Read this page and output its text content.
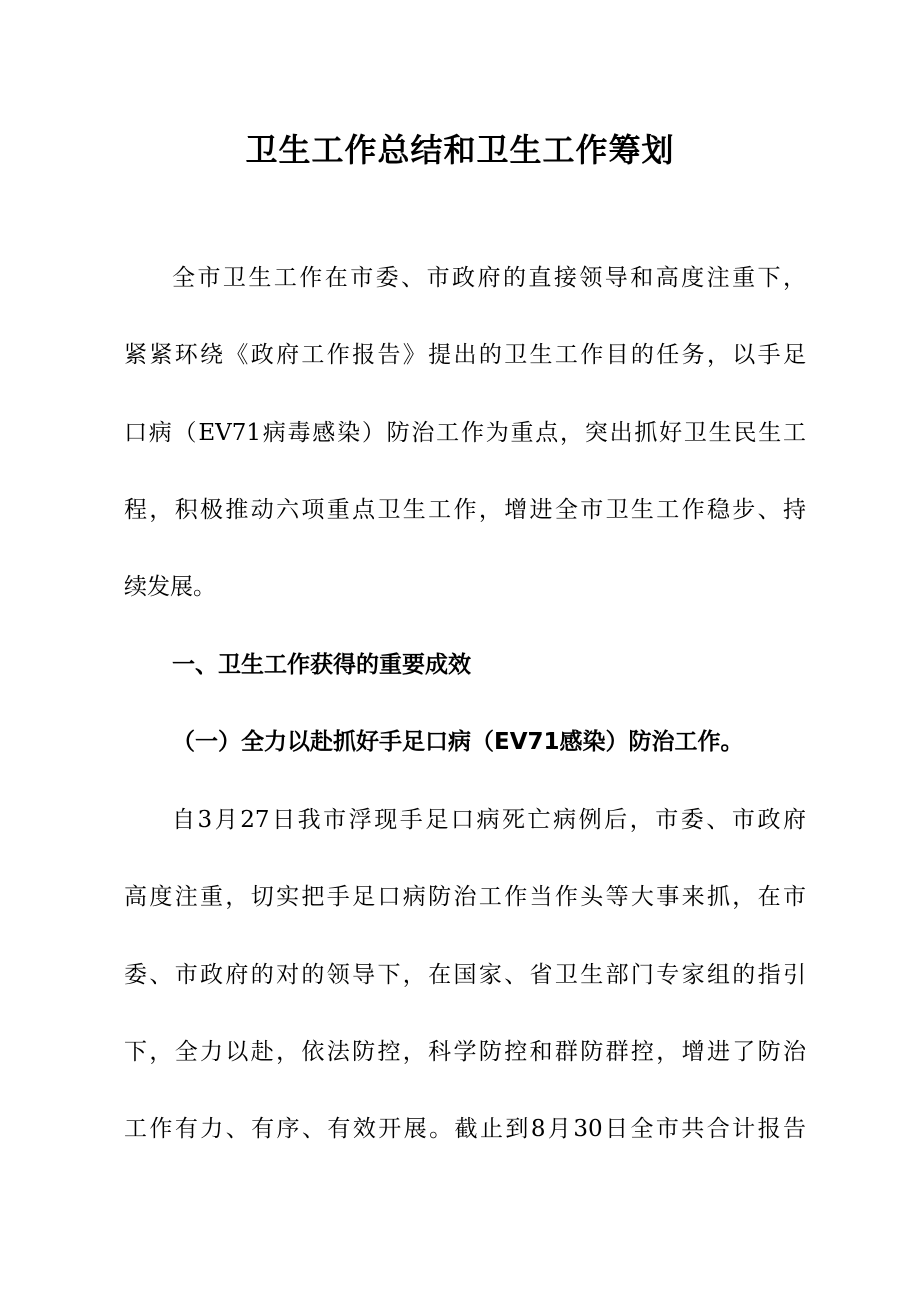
卫生工作总结和卫生工作筹划
全市卫生工作在市委、市政府的直接领导和高度注重下，
紧紧环绕《政府工作报告》提出的卫生工作目的任务，以手足
口病（EV71病毒感染）防治工作为重点，突出抓好卫生民生工
程，积极推动六项重点卫生工作，增进全市卫生工作稳步、持
续发展。
一、卫生工作获得的重要成效
（一）全力以赴抓好手足口病（EV71感染）防治工作。
自3月27日我市浮现手足口病死亡病例后，市委、市政府
高度注重，切实把手足口病防治工作当作头等大事来抓，在市
委、市政府的对的领导下，在国家、省卫生部门专家组的指引
下，全力以赴，依法防控，科学防控和群防群控，增进了防治
工作有力、有序、有效开展。截止到8月30日全市共合计报告
